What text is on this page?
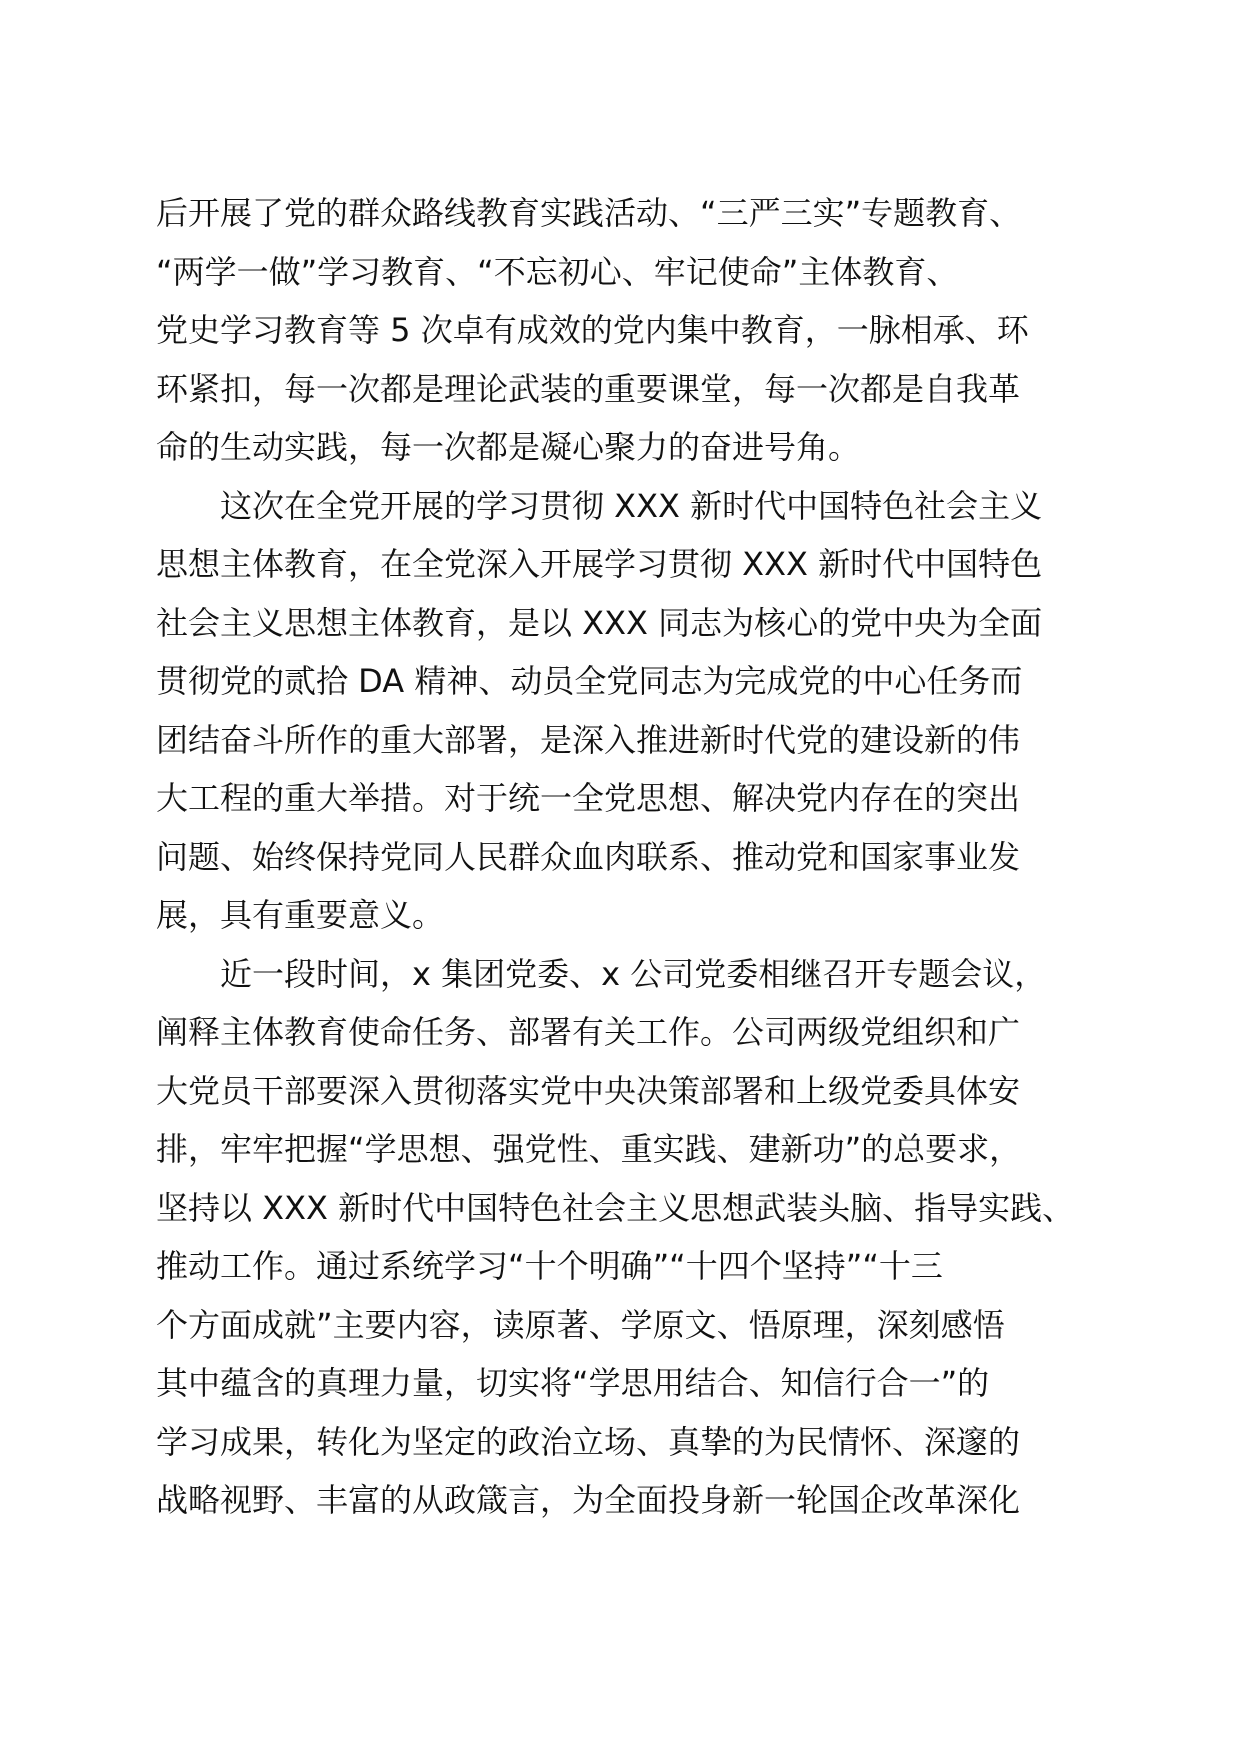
后开展了党的群众路线教育实践活动、“三严三实”专题教育、
“两学一做”学习教育、“不忘初心、牢记使命”主体教育、
党史学习教育等 5 次卓有成效的党内集中教育，一脉相承、环
环紧扣，每一次都是理论武装的重要课堂，每一次都是自我革
命的生动实践，每一次都是凝心聚力的奋进号角。
这次在全党开展的学习贯彻 XXX 新时代中国特色社会主义
思想主体教育，在全党深入开展学习贯彻 XXX 新时代中国特色
社会主义思想主体教育，是以 XXX 同志为核心的党中央为全面
贯彻党的贰拾 DA 精神、动员全党同志为完成党的中心任务而
团结奋斗所作的重大部署，是深入推进新时代党的建设新的伟
大工程的重大举措。对于统一全党思想、解决党内存在的突出
问题、始终保持党同人民群众血肉联系、推动党和国家事业发
展，具有重要意义。
近一段时间，x 集团党委、x 公司党委相继召开专题会议，
阐释主体教育使命任务、部署有关工作。公司两级党组织和广
大党员干部要深入贯彻落实党中央决策部署和上级党委具体安
排，牢牢把握“学思想、强党性、重实践、建新功”的总要求，
坚持以 XXX 新时代中国特色社会主义思想武装头脑、指导实践、
推动工作。通过系统学习“十个明确”“十四个坚持”“十三
个方面成就”主要内容，读原著、学原文、悟原理，深刻感悟
其中蕴含的真理力量，切实将“学思用结合、知信行合一”的
学习成果，转化为坚定的政治立场、真挚的为民情怀、深邃的
战略视野、丰富的从政箴言，为全面投身新一轮国企改革深化
